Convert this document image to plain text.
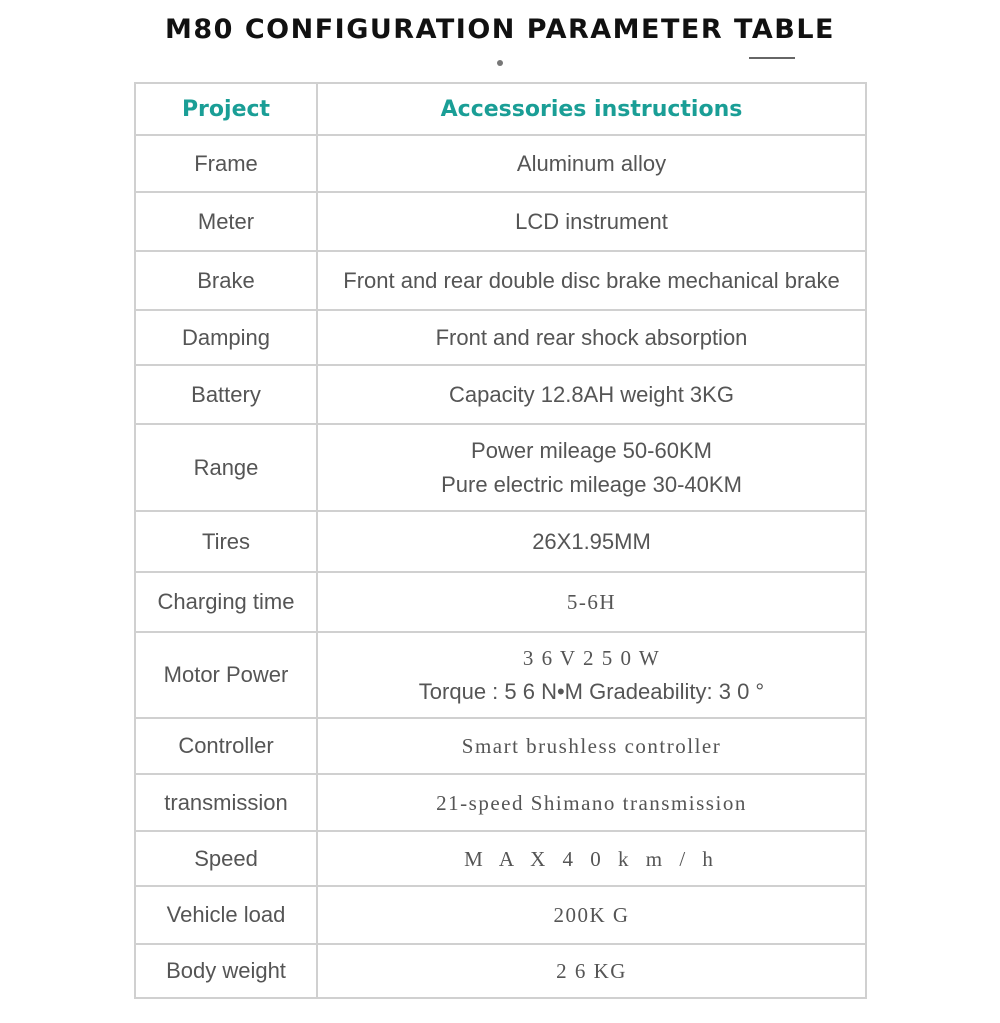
M80 CONFIGURATION PARAMETER TABLE
Project	Accessories instructions
Frame	Aluminum alloy

Meter	LCD instrument

Brake	Front and rear double disc brake mechanical brake

Damping	Front and rear shock absorption

Battery	Capacity 12.8AH weight 3KG

Range	Power mileage 50-60KM
Pure electric mileage 30-40KM

Tires	26X1.95MM

Charging time	5-6H

Motor Power	3 6 V 2 5 0 W
Torque : 5 6 N•M Gradeability: 3 0 °

Controller	Smart brushless controller

transmission	21-speed Shimano transmission

Speed	M A X 4 0 k m / h

Vehicle load	200K G

Body weight	2 6 KG
